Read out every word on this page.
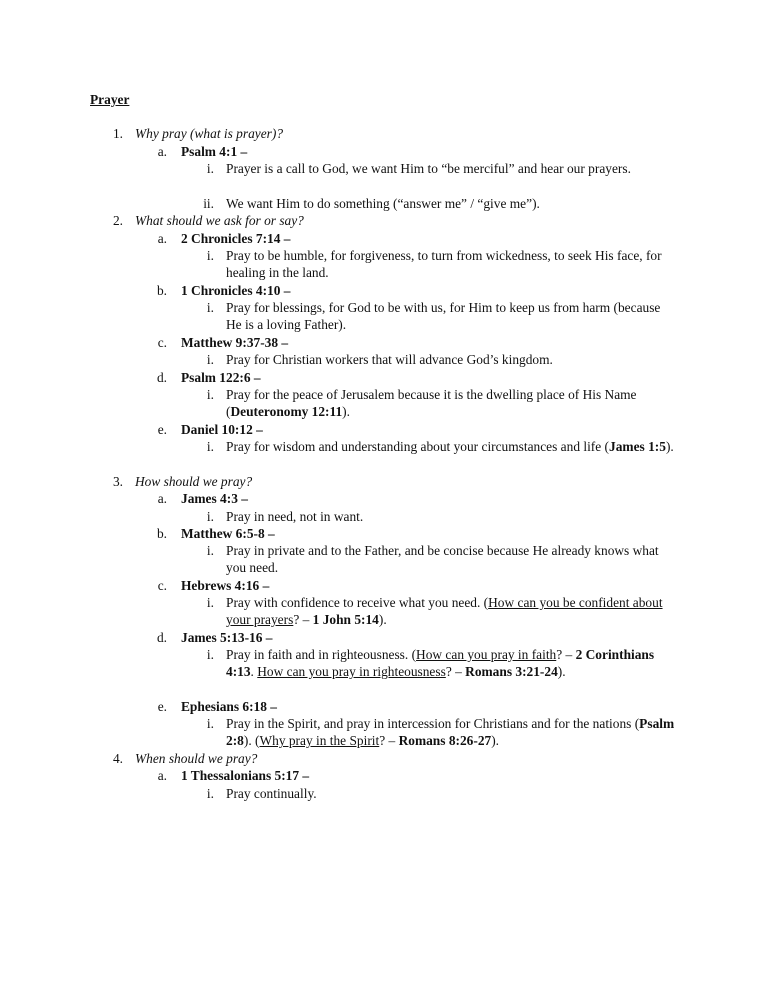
Prayer
1. Why pray (what is prayer)?
a. Psalm 4:1 –
i. Prayer is a call to God, we want Him to “be merciful” and hear our prayers.
ii. We want Him to do something (“answer me” / “give me”).
2. What should we ask for or say?
a. 2 Chronicles 7:14 –
i. Pray to be humble, for forgiveness, to turn from wickedness, to seek His face, for healing in the land.
b. 1 Chronicles 4:10 –
i. Pray for blessings, for God to be with us, for Him to keep us from harm (because He is a loving Father).
c. Matthew 9:37-38 –
i. Pray for Christian workers that will advance God’s kingdom.
d. Psalm 122:6 –
i. Pray for the peace of Jerusalem because it is the dwelling place of His Name (Deuteronomy 12:11).
e. Daniel 10:12 –
i. Pray for wisdom and understanding about your circumstances and life (James 1:5).
3. How should we pray?
a. James 4:3 –
i. Pray in need, not in want.
b. Matthew 6:5-8 –
i. Pray in private and to the Father, and be concise because He already knows what you need.
c. Hebrews 4:16 –
i. Pray with confidence to receive what you need. (How can you be confident about your prayers? – 1 John 5:14).
d. James 5:13-16 –
i. Pray in faith and in righteousness. (How can you pray in faith? – 2 Corinthians 4:13. How can you pray in righteousness? – Romans 3:21-24).
e. Ephesians 6:18 –
i. Pray in the Spirit, and pray in intercession for Christians and for the nations (Psalm 2:8). (Why pray in the Spirit? – Romans 8:26-27).
4. When should we pray?
a. 1 Thessalonians 5:17 –
i. Pray continually.
